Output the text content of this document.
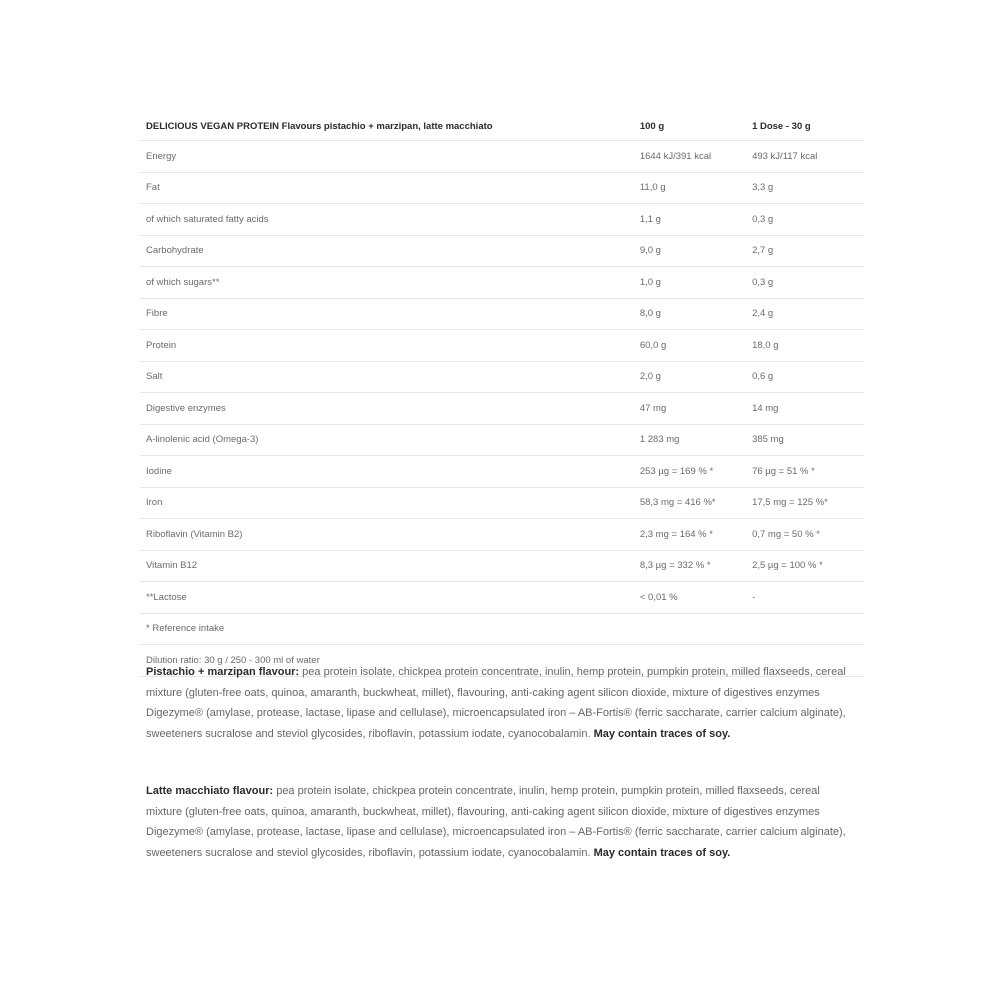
DELICIOUS VEGAN PROTEIN Flavours pistachio + marzipan, latte macchiato	100 g	1 Dose - 30 g
Energy	1644 kJ/391 kcal	493 kJ/117 kcal
Fat	11,0 g	3,3 g
of which saturated fatty acids	1,1 g	0,3 g
Carbohydrate	9,0 g	2,7 g
of which sugars**	1,0 g	0,3 g
Fibre	8,0 g	2,4 g
Protein	60,0 g	18,0 g
Salt	2,0 g	0,6 g
Digestive enzymes	47 mg	14 mg
A-linolenic acid (Omega-3)	1 283 mg	385 mg
Iodine	253 µg = 169 % *	76 µg = 51 % *
Iron	58,3 mg = 416 %*	17,5 mg = 125 %*
Riboflavin (Vitamin B2)	2,3 mg = 164 % *	0,7 mg = 50 % *
Vitamin B12	8,3 µg = 332 % *	2,5 µg = 100 % *
**Lactose	< 0,01 %	-
* Reference intake		
Dilution ratio: 30 g / 250 - 300 ml of water		
Pistachio + marzipan flavour: pea protein isolate, chickpea protein concentrate, inulin, hemp protein, pumpkin protein, milled flaxseeds, cereal mixture (gluten-free oats, quinoa, amaranth, buckwheat, millet), flavouring, anti-caking agent silicon dioxide, mixture of digestives enzymes Digezyme® (amylase, protease, lactase, lipase and cellulase), microencapsulated iron – AB-Fortis® (ferric saccharate, carrier calcium alginate), sweeteners sucralose and steviol glycosides, riboflavin, potassium iodate, cyanocobalamin. May contain traces of soy.
Latte macchiato flavour: pea protein isolate, chickpea protein concentrate, inulin, hemp protein, pumpkin protein, milled flaxseeds, cereal mixture (gluten-free oats, quinoa, amaranth, buckwheat, millet), flavouring, anti-caking agent silicon dioxide, mixture of digestives enzymes Digezyme® (amylase, protease, lactase, lipase and cellulase), microencapsulated iron – AB-Fortis® (ferric saccharate, carrier calcium alginate), sweeteners sucralose and steviol glycosides, riboflavin, potassium iodate, cyanocobalamin. May contain traces of soy.
